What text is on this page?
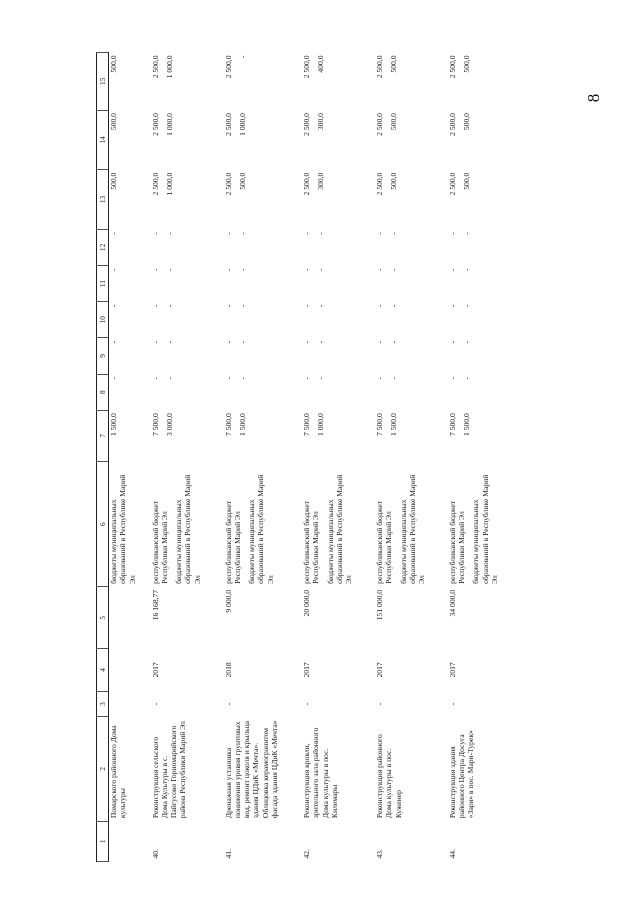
8
1	2	3	4	5	6	7	8	9	10	11	12	13	14	15
	Помарского районного Дома культуры				бюджеты муниципальных образований в Республике Марий Эл	1 500,0	-	-	-	-	-	500,0	500,0	500,0

40.	Реконструкция сельского Дома Культуры в с. Пайгусово Горномарийского района Республики Марий Эл	-	2017	16 168,77	республиканский бюджет Республики Марий Эл бюджеты муниципальных образований в Республике Марий Эл	7 500,0 3 000,0	- -	- -	- -	- -	- -	2 500,0 1 000,0	2 500,0 1 000,0	2 500,0 1 000,0

41.	Дренажная установка понижения уровня грунтовых вод, ремонт цоколя и крыльца здания ЦДиК «Мечта». Облицовка керамогранитом фасада здания ЦДиК «Мечта»	-	2018	9 000,0	республиканский бюджет Республики Марий Эл бюджеты муниципальных образований в Республике Марий Эл	7 500,0 1 500,0	- -	- -	- -	- -	- -	2 500,0 500,0	2 500,0 1 000,0	2 500,0 -

42.	Реконструкция кровли, зрительного зала районного Дома культуры в пос. Килемары	-	2017	20 000,0	республиканский бюджет Республики Марий Эл бюджеты муниципальных образований в Республике Марий Эл	7 500,0 1 000,0	- -	- -	- -	- -	- -	2 500,0 300,0	2 500,0 300,0	2 500,0 400,0

43.	Реконструкция районного Дома культуры в пос. Куженер	-	2017	151 000,0	республиканский бюджет Республики Марий Эл бюджеты муниципальных образований в Республике Марий Эл	7 500,0 1 500,0	- -	- -	- -	- -	- -	2 500,0 500,0	2 500,0 500,0	2 500,0 500,0

44.	Реконструкция здания районного Центра Досуга «Заря» в пос. Мари-Турек»	-	2017	34 000,0	республиканский бюджет Республики Марий Эл бюджеты муниципальных образований в Республике Марий Эл	7 500,0 1 500,0	- -	- -	- -	- -	- -	2 500,0 500,0	2 500,0 500,0	2 500,0 500,0
